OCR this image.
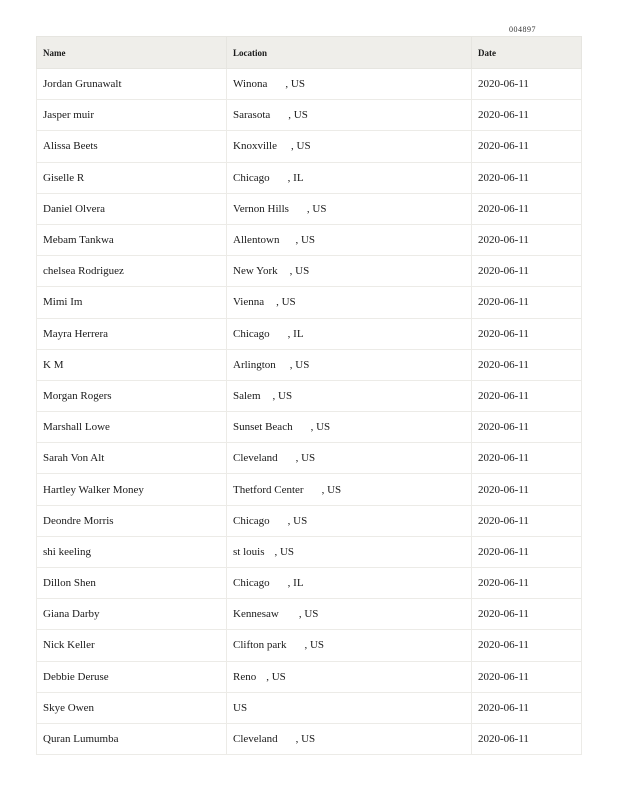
004897
Name	Location	Date
Jordan Grunawalt	Winona , US	2020-06-11
Jasper muir	Sarasota , US	2020-06-11
Alissa Beets	Knoxville , US	2020-06-11
Giselle R	Chicago , IL	2020-06-11
Daniel Olvera	Vernon Hills , US	2020-06-11
Mebam Tankwa	Allentown , US	2020-06-11
chelsea Rodriguez	New York , US	2020-06-11
Mimi Im	Vienna , US	2020-06-11
Mayra Herrera	Chicago , IL	2020-06-11
K M	Arlington , US	2020-06-11
Morgan Rogers	Salem , US	2020-06-11
Marshall Lowe	Sunset Beach , US	2020-06-11
Sarah Von Alt	Cleveland , US	2020-06-11
Hartley Walker Money	Thetford Center , US	2020-06-11
Deondre Morris	Chicago , US	2020-06-11
shi keeling	st louis , US	2020-06-11
Dillon Shen	Chicago , IL	2020-06-11
Giana Darby	Kennesaw , US	2020-06-11
Nick Keller	Clifton park , US	2020-06-11
Debbie Deruse	Reno , US	2020-06-11
Skye Owen	US	2020-06-11
Quran Lumumba	Cleveland , US	2020-06-11
